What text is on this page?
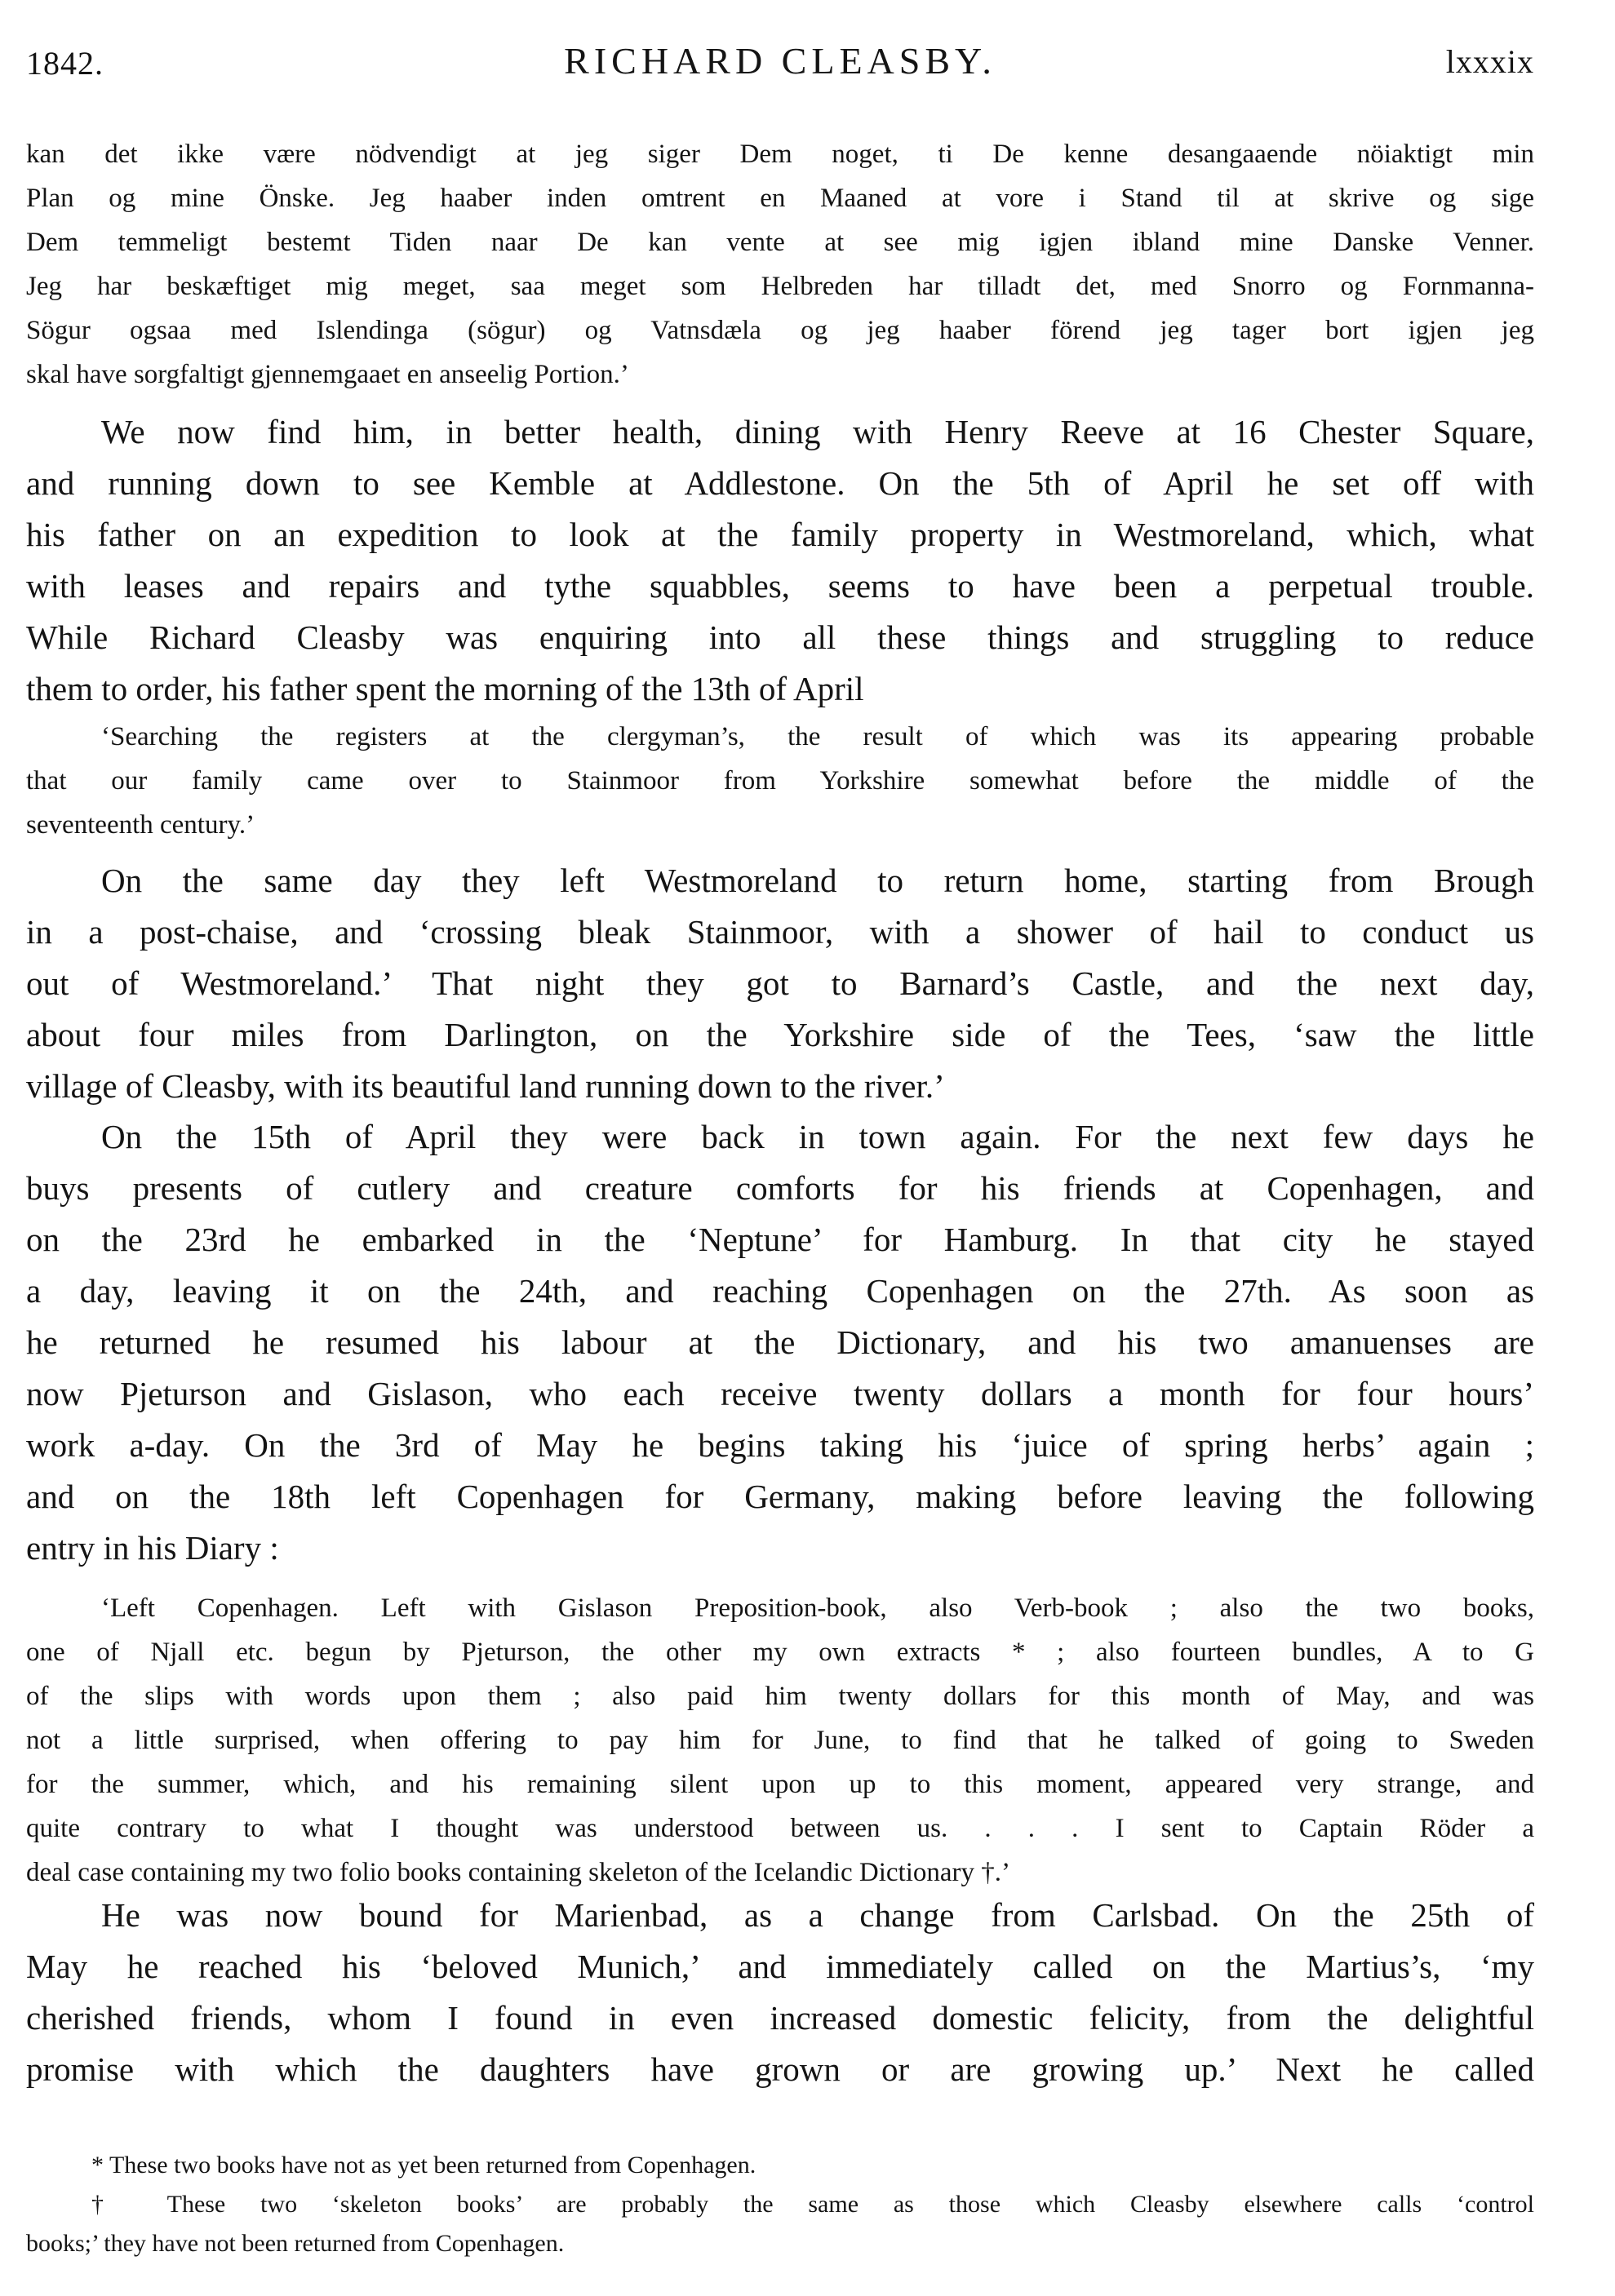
1842.	RICHARD CLEASBY.	lxxxix
kan det ikke være nödvendigt at jeg siger Dem noget, ti De kenne desangaaende nöiaktigt min
Plan og mine Önske. Jeg haaber inden omtrent en Maaned at vore i Stand til at skrive og sige
Dem temmeligt bestemt Tiden naar De kan vente at see mig igjen ibland mine Danske Venner.
Jeg har beskæftiget mig meget, saa meget som Helbreden har tilladt det, med Snorro og Fornmanna-
Sögur ogsaa med Islendinga (sögur) og Vatnsdæla og jeg haaber förend jeg tager bort igjen jeg
skal have sorgfaltigt gjennemgaaet en anseelig Portion.’
We now find him, in better health, dining with Henry Reeve at 16 Chester Square,
and running down to see Kemble at Addlestone. On the 5th of April he set off with
his father on an expedition to look at the family property in Westmoreland, which, what
with leases and repairs and tythe squabbles, seems to have been a perpetual trouble.
While Richard Cleasby was enquiring into all these things and struggling to reduce
them to order, his father spent the morning of the 13th of April
‘Searching the registers at the clergyman’s, the result of which was its appearing probable
that our family came over to Stainmoor from Yorkshire somewhat before the middle of the
seventeenth century.’
On the same day they left Westmoreland to return home, starting from Brough
in a post-chaise, and ‘crossing bleak Stainmoor, with a shower of hail to conduct us
out of Westmoreland.’ That night they got to Barnard’s Castle, and the next day,
about four miles from Darlington, on the Yorkshire side of the Tees, ‘saw the little
village of Cleasby, with its beautiful land running down to the river.’
On the 15th of April they were back in town again. For the next few days he
buys presents of cutlery and creature comforts for his friends at Copenhagen, and
on the 23rd he embarked in the ‘Neptune’ for Hamburg. In that city he stayed
a day, leaving it on the 24th, and reaching Copenhagen on the 27th. As soon as
he returned he resumed his labour at the Dictionary, and his two amanuenses are
now Pjeturson and Gislason, who each receive twenty dollars a month for four hours’
work a-day. On the 3rd of May he begins taking his ‘juice of spring herbs’ again ;
and on the 18th left Copenhagen for Germany, making before leaving the following
entry in his Diary :
‘Left Copenhagen. Left with Gislason Preposition-book, also Verb-book ; also the two books,
one of Njall etc. begun by Pjeturson, the other my own extracts * ; also fourteen bundles, A to G
of the slips with words upon them ; also paid him twenty dollars for this month of May, and was
not a little surprised, when offering to pay him for June, to find that he talked of going to Sweden
for the summer, which, and his remaining silent upon up to this moment, appeared very strange, and
quite contrary to what I thought was understood between us. . . . I sent to Captain Röder a
deal case containing my two folio books containing skeleton of the Icelandic Dictionary †.’
He was now bound for Marienbad, as a change from Carlsbad. On the 25th of
May he reached his ‘beloved Munich,’ and immediately called on the Martius’s, ‘my
cherished friends, whom I found in even increased domestic felicity, from the delightful
promise with which the daughters have grown or are growing up.’ Next he called
* These two books have not as yet been returned from Copenhagen.
† These two ‘skeleton books’ are probably the same as those which Cleasby elsewhere calls ‘control
books;’ they have not been returned from Copenhagen.
